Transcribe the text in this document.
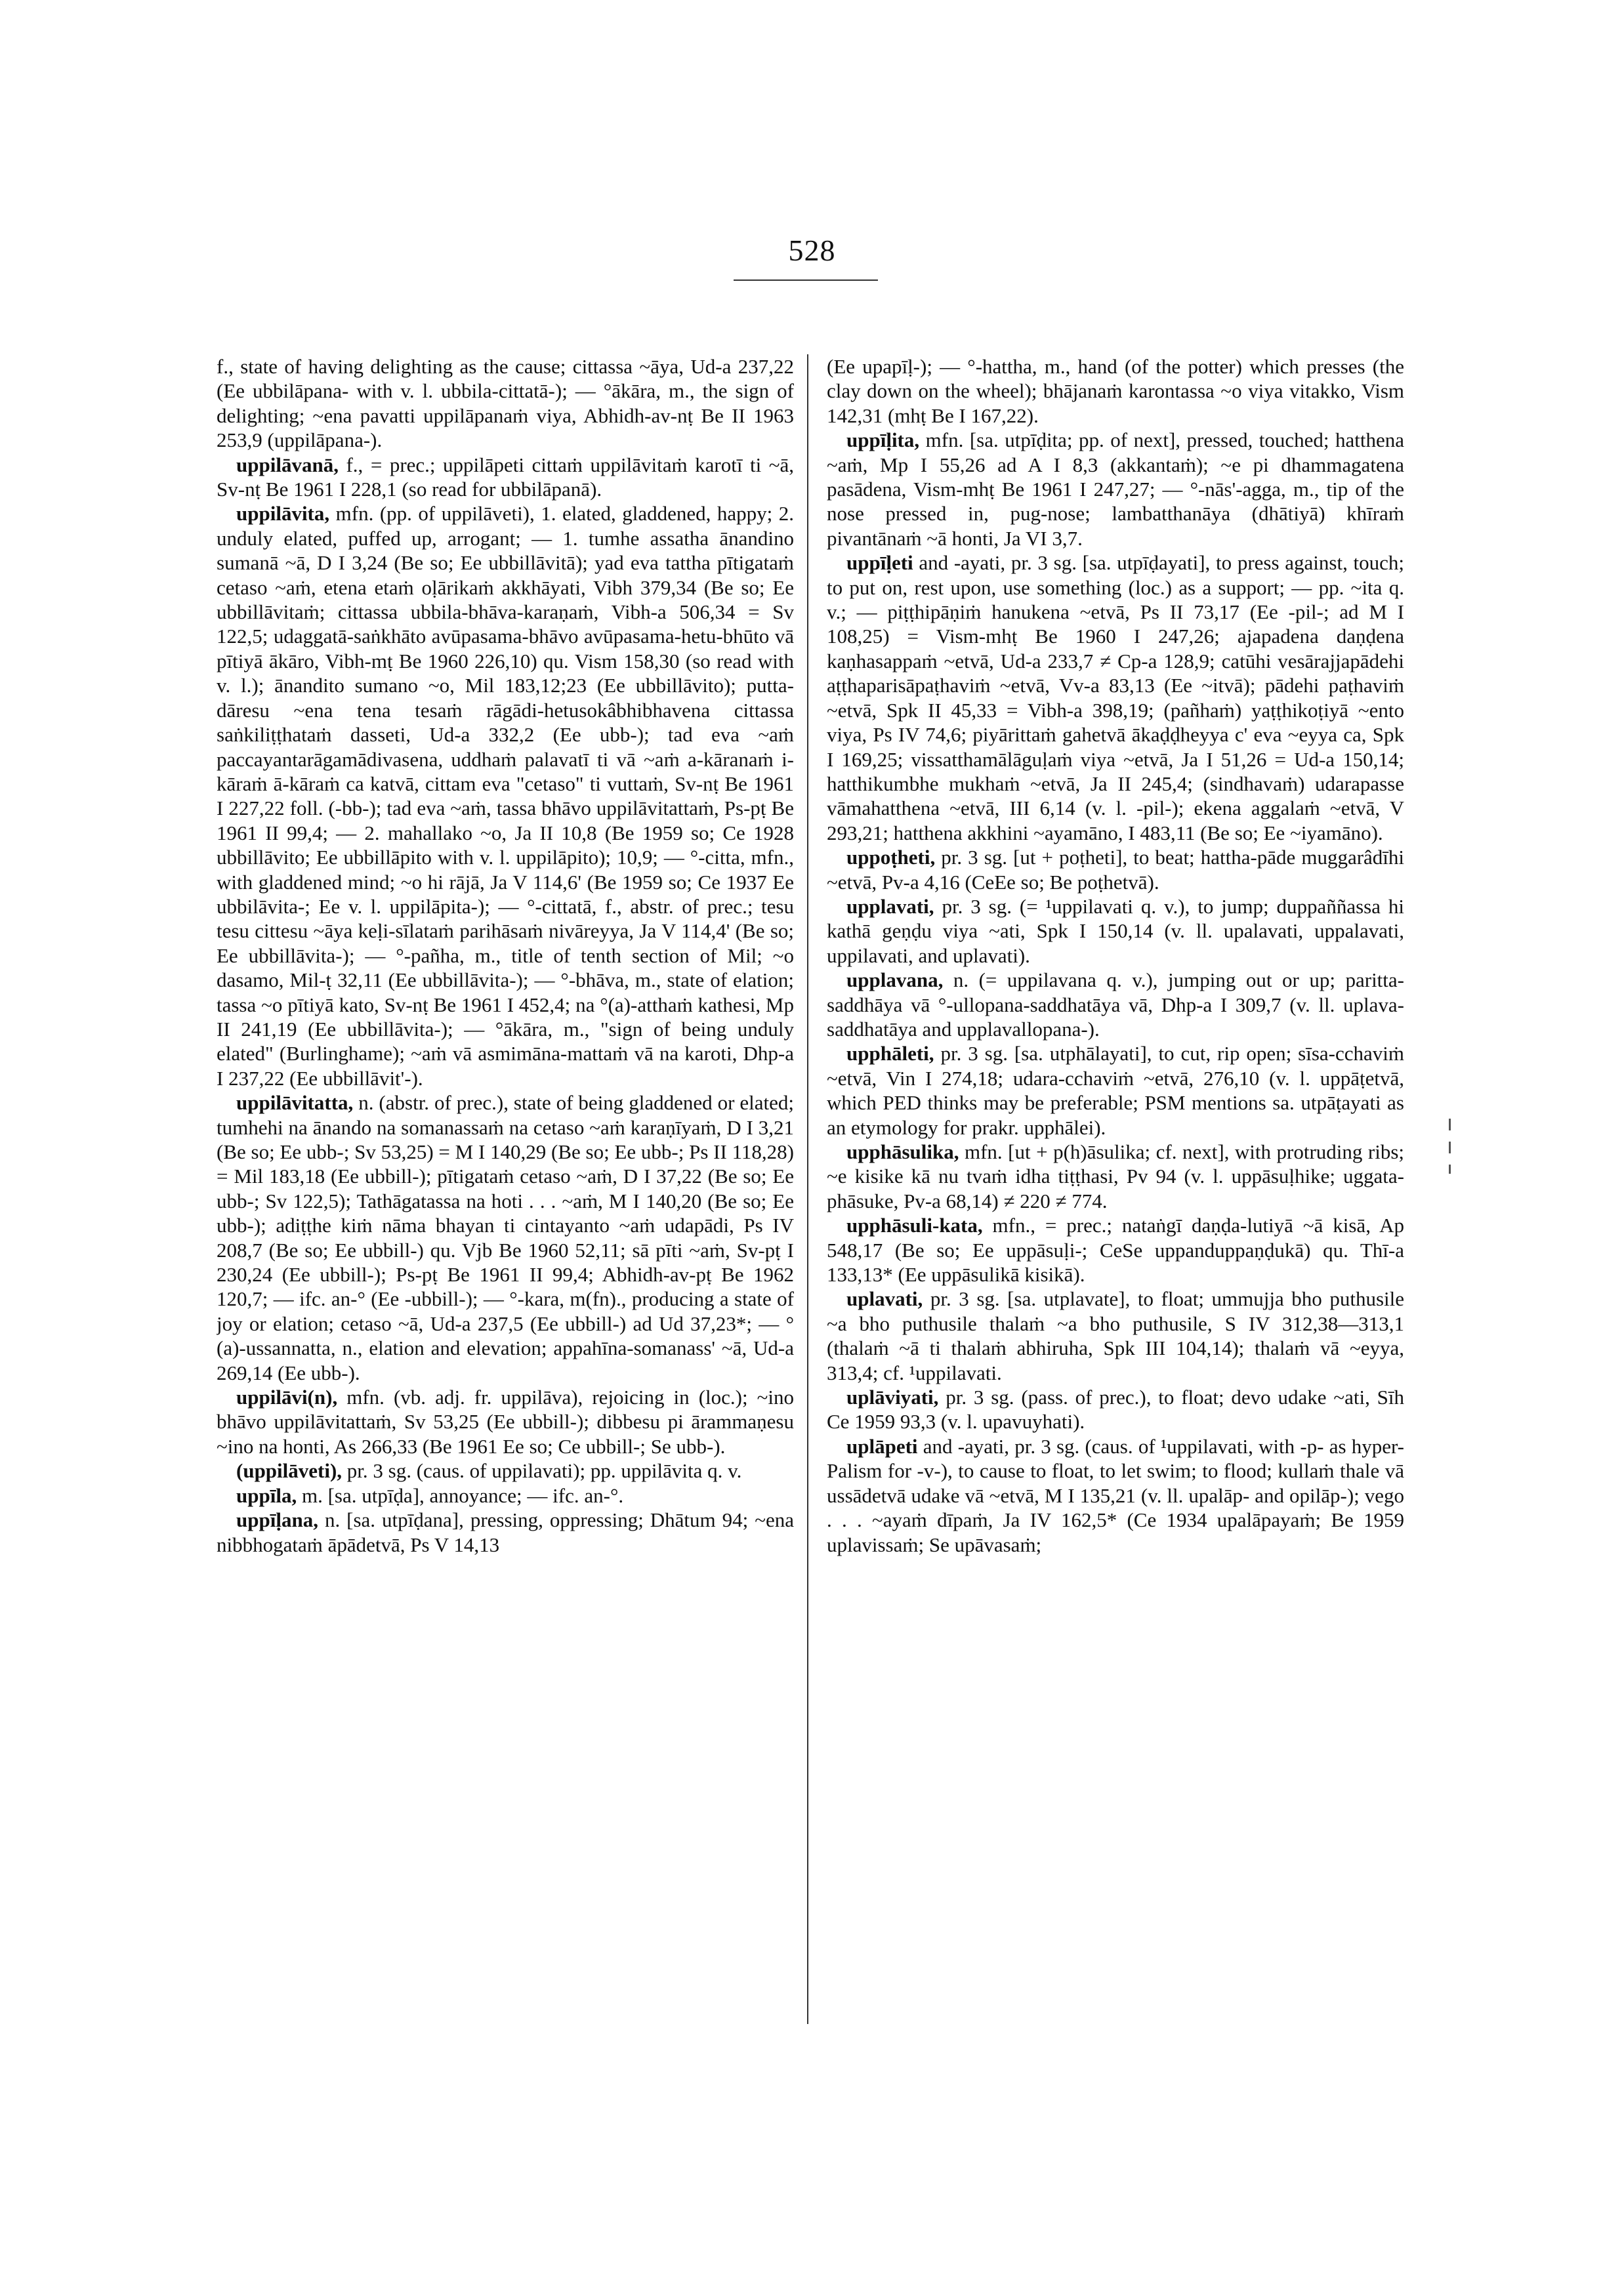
528

f., state of having delighting as the cause; cittassa ~āya, Ud-a 237,22 (Ee ubbilāpana- with v. l. ubbila-cittatā-); — °ākāra, m., the sign of delighting; ~ena pavatti uppilāpanaṁ viya, Abhidh-av-nṭ Be II 1963 253,9 (uppilāpana-).

uppilāvanā, f., = prec.; uppilāpeti cittaṁ uppilāvitaṁ karotī ti ~ā, Sv-nṭ Be 1961 I 228,1 (so read for ubbilāpanā).

uppilāvita, mfn. (pp. of uppilāveti), 1. elated, gladdened, happy; 2. unduly elated, puffed up, arrogant; — 1. tumhe assatha ānandino sumanā ~ā, D I 3,24 (Be so; Ee ubbillāvitā); yad eva tattha pītigataṁ cetaso ~aṁ, etena etaṁ oḷārikaṁ akkhāyati, Vibh 379,34 (Be so; Ee ubbillāvitaṁ; cittassa ubbila-bhāva-karaṇaṁ, Vibh-a 506,34 = Sv 122,5; udaggatā-saṅkhāto avūpasama-bhāvo avūpasama-hetu-bhūto vā pītiyā ākāro, Vibh-mṭ Be 1960 226,10) qu. Vism 158,30 (so read with v. l.); ānandito sumano ~o, Mil 183,12;23 (Ee ubbillāvito); putta-dāresu ~ena tena tesaṁ rāgādi-hetusokâbhibhavena cittassa saṅkiliṭṭhataṁ dasseti, Ud-a 332,2 (Ee ubb-); tad eva ~aṁ paccayantarāgamādivasena, uddhaṁ palavatī ti vā ~aṁ a-kāranaṁ i-kāraṁ ā-kāraṁ ca katvā, cittam eva "cetaso" ti vuttaṁ, Sv-nṭ Be 1961 I 227,22 foll. (-bb-); tad eva ~aṁ, tassa bhāvo uppilāvitattaṁ, Ps-pṭ Be 1961 II 99,4; — 2. mahallako ~o, Ja II 10,8 (Be 1959 so; Ce 1928 ubbillāvito; Ee ubbillāpito with v. l. uppilāpito); 10,9; — °-citta, mfn., with gladdened mind; ~o hi rājā, Ja V 114,6' (Be 1959 so; Ce 1937 Ee ubbilāvita-; Ee v. l. uppilāpita-); — °-cittatā, f., abstr. of prec.; tesu tesu cittesu ~āya keḷi-sīlataṁ parihāsaṁ nivāreyya, Ja V 114,4' (Be so; Ee ubbillāvita-); — °-pañha, m., title of tenth section of Mil; ~o dasamo, Mil-ṭ 32,11 (Ee ubbillāvita-); — °-bhāva, m., state of elation; tassa ~o pītiyā kato, Sv-nṭ Be 1961 I 452,4; na °(a)-atthaṁ kathesi, Mp II 241,19 (Ee ubbillāvita-); — °ākāra, m., "sign of being unduly elated" (Burlinghame); ~aṁ vā asmimāna-mattaṁ vā na karoti, Dhp-a I 237,22 (Ee ubbillāvit'-).

uppilāvitatta, n. (abstr. of prec.), state of being gladdened or elated; tumhehi na ānando na somanassaṁ na cetaso ~aṁ karaṇīyaṁ, D I 3,21 (Be so; Ee ubb-; Sv 53,25) = M I 140,29 (Be so; Ee ubb-; Ps II 118,28) = Mil 183,18 (Ee ubbill-); pītigataṁ cetaso ~aṁ, D I 37,22 (Be so; Ee ubb-; Sv 122,5); Tathāgatassa na hoti . . . ~aṁ, M I 140,20 (Be so; Ee ubb-); adiṭṭhe kiṁ nāma bhayan ti cintayanto ~aṁ udapādi, Ps IV 208,7 (Be so; Ee ubbill-) qu. Vjb Be 1960 52,11; sā pīti ~aṁ, Sv-pṭ I 230,24 (Ee ubbill-); Ps-pṭ Be 1961 II 99,4; Abhidh-av-pṭ Be 1962 120,7; — ifc. an-° (Ee -ubbill-); — °-kara, m(fn)., producing a state of joy or elation; cetaso ~ā, Ud-a 237,5 (Ee ubbill-) ad Ud 37,23*; — °(a)-ussannatta, n., elation and elevation; appahīna-somanass' ~ā, Ud-a 269,14 (Ee ubb-).

uppilāvi(n), mfn. (vb. adj. fr. uppilāva), rejoicing in (loc.); ~ino bhāvo uppilāvitattaṁ, Sv 53,25 (Ee ubbill-); dibbesu pi ārammaṇesu ~ino na honti, As 266,33 (Be 1961 Ee so; Ce ubbill-; Se ubb-).

(uppilāveti), pr. 3 sg. (caus. of uppilavati); pp. uppilāvita q. v.

uppīla, m. [sa. utpīḍa], annoyance; — ifc. an-°.

uppīḷana, n. [sa. utpīḍana], pressing, oppressing; Dhātum 94; ~ena nibbhogataṁ āpādetvā, Ps V 14,13

(Ee upapīḷ-); — °-hattha, m., hand (of the potter) which presses (the clay down on the wheel); bhājanaṁ karontassa ~o viya vitakko, Vism 142,31 (mhṭ Be I 167,22).

uppīḷita, mfn. [sa. utpīḍita; pp. of next], pressed, touched; hatthena ~aṁ, Mp I 55,26 ad A I 8,3 (akkantaṁ); ~e pi dhammagatena pasādena, Vism-mhṭ Be 1961 I 247,27; — °-nās'-agga, m., tip of the nose pressed in, pug-nose; lambatthanāya (dhātiyā) khīraṁ pivantānaṁ ~ā honti, Ja VI 3,7.

uppīḷeti and -ayati, pr. 3 sg. [sa. utpīḍayati], to press against, touch; to put on, rest upon, use something (loc.) as a support; — pp. ~ita q. v.; — piṭṭhipāṇiṁ hanukena ~etvā, Ps II 73,17 (Ee -pil-; ad M I 108,25) = Vism-mhṭ Be 1960 I 247,26; ajapadena daṇḍena kaṇhasappaṁ ~etvā, Ud-a 233,7 ≠ Cp-a 128,9; catūhi vesārajjapādehi aṭṭhaparisāpaṭhaviṁ ~etvā, Vv-a 83,13 (Ee ~itvā); pādehi paṭhaviṁ ~etvā, Spk II 45,33 = Vibh-a 398,19; (pañhaṁ) yaṭṭhikoṭiyā ~ento viya, Ps IV 74,6; piyārittaṁ gahetvā ākaḍḍheyya c' eva ~eyya ca, Spk I 169,25; vissatthamālāguḷaṁ viya ~etvā, Ja I 51,26 = Ud-a 150,14; hatthikumbhe mukhaṁ ~etvā, Ja II 245,4; (sindhavaṁ) udarapasse vāmahatthena ~etvā, III 6,14 (v. l. -pil-); ekena aggalaṁ ~etvā, V 293,21; hatthena akkhini ~ayamāno, I 483,11 (Be so; Ee ~iyamāno).

uppoṭheti, pr. 3 sg. [ut + poṭheti], to beat; hattha-pāde muggarâdīhi ~etvā, Pv-a 4,16 (CeEe so; Be poṭhetvā).

upplavati, pr. 3 sg. (= ¹uppilavati q. v.), to jump; duppaññassa hi kathā geṇḍu viya ~ati, Spk I 150,14 (v. ll. upalavati, uppalavati, uppilavati, and uplavati).

upplavana, n. (= uppilavana q. v.), jumping out or up; paritta-saddhāya vā °-ullopana-saddhatāya vā, Dhp-a I 309,7 (v. ll. uplava-saddhatāya and upplavallopana-).

upphāleti, pr. 3 sg. [sa. utphālayati], to cut, rip open; sīsa-cchaviṁ ~etvā, Vin I 274,18; udara-cchaviṁ ~etvā, 276,10 (v. l. uppāṭetvā, which PED thinks may be preferable; PSM mentions sa. utpāṭayati as an etymology for prakr. upphālei).

upphāsulika, mfn. [ut + p(h)āsulika; cf. next], with protruding ribs; ~e kisike kā nu tvaṁ idha tiṭṭhasi, Pv 94 (v. l. uppāsuḷhike; uggata-phāsuke, Pv-a 68,14) ≠ 220 ≠ 774.

upphāsuli-kata, mfn., = prec.; nataṅgī daṇḍa-lutiyā ~ā kisā, Ap 548,17 (Be so; Ee uppāsuḷi-; CeSe uppanduppaṇḍukā) qu. Thī-a 133,13* (Ee uppāsulikā kisikā).

uplavati, pr. 3 sg. [sa. utplavate], to float; ummujja bho puthusile ~a bho puthusile thalaṁ ~a bho puthusile, S IV 312,38—313,1 (thalaṁ ~ā ti thalaṁ abhiruha, Spk III 104,14); thalaṁ vā ~eyya, 313,4; cf. ¹uppilavati.

uplāviyati, pr. 3 sg. (pass. of prec.), to float; devo udake ~ati, Sīh Ce 1959 93,3 (v. l. upavuyhati).

uplāpeti and -ayati, pr. 3 sg. (caus. of ¹uppilavati, with -p- as hyper-Palism for -v-), to cause to float, to let swim; to flood; kullaṁ thale vā ussādetvā udake vā ~etvā, M I 135,21 (v. ll. upalāp- and opilāp-); vego . . . ~ayaṁ dīpaṁ, Ja IV 162,5* (Ce 1934 upalāpayaṁ; Be 1959 uplavissaṁ; Se upāvasaṁ;
